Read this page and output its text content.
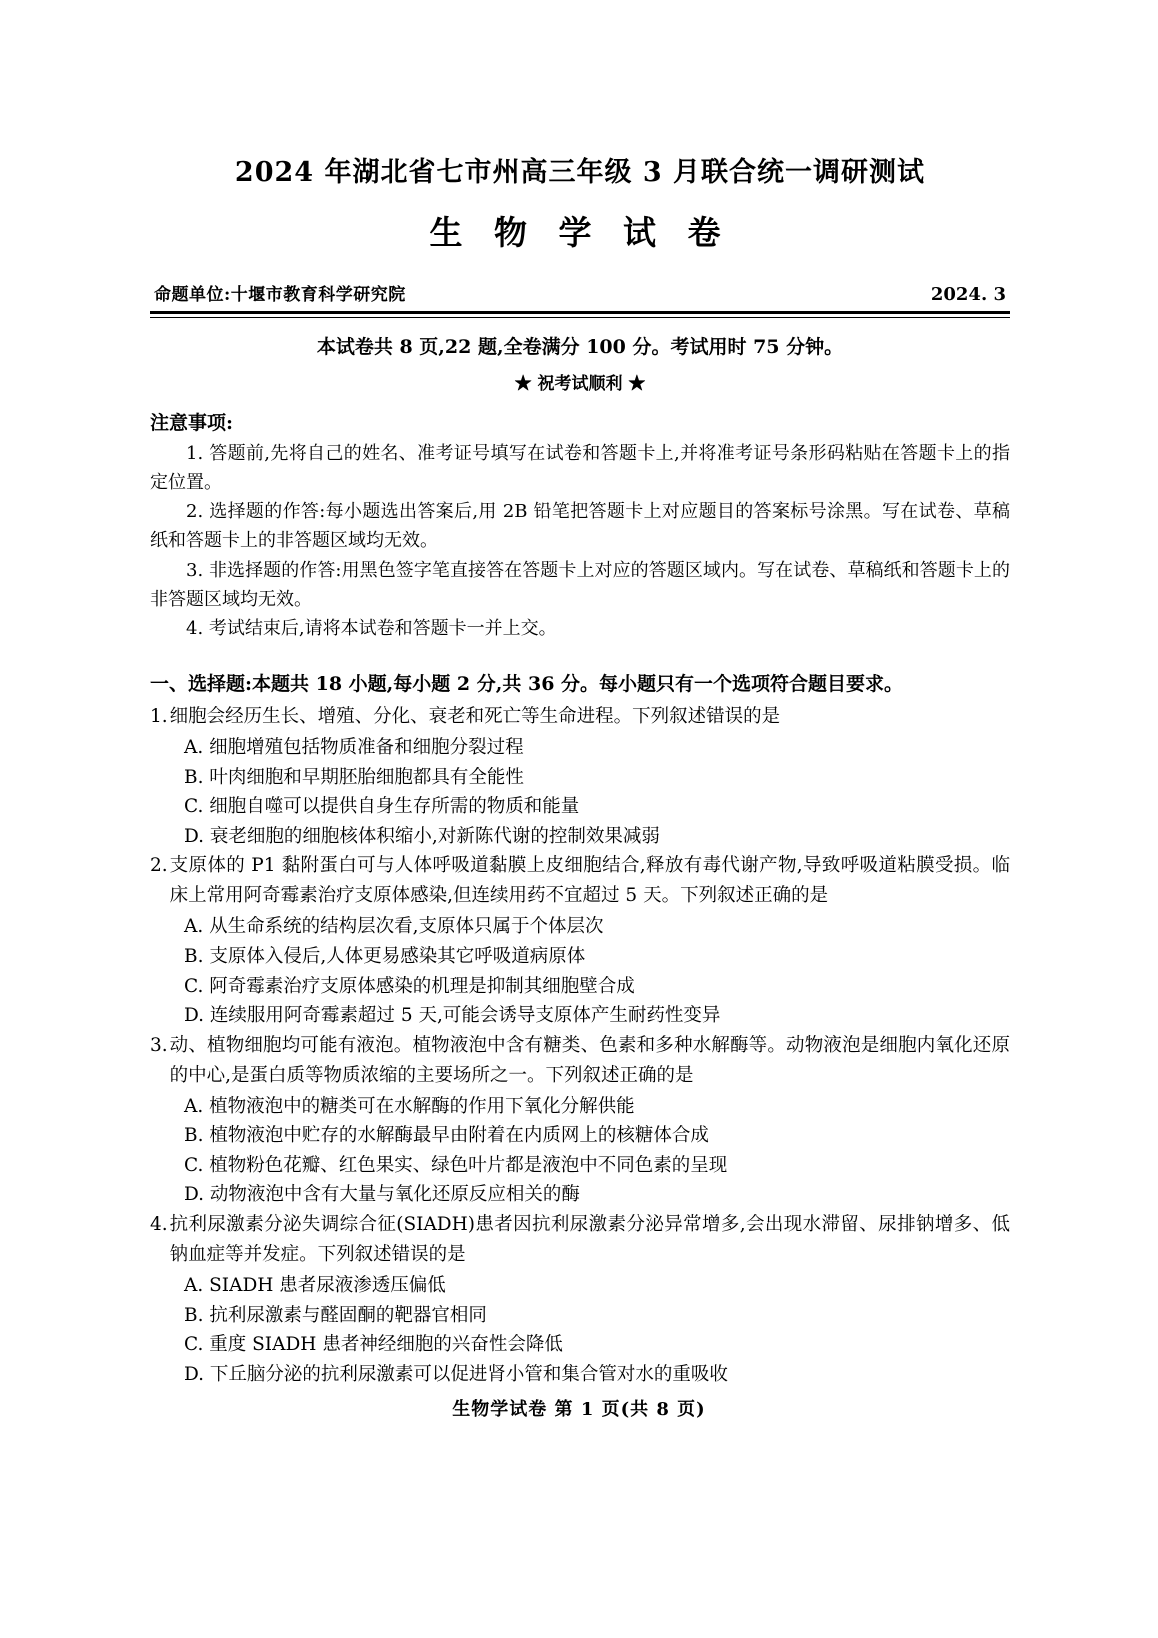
2024 年湖北省七市州高三年级 3 月联合统一调研测试
生 物 学 试 卷
命题单位:十堰市教育科学研究院	2024. 3
本试卷共 8 页,22 题,全卷满分 100 分。考试用时 75 分钟。
★ 祝考试顺利 ★
注意事项:

1. 答题前,先将自己的姓名、准考证号填写在试卷和答题卡上,并将准考证号条形码粘贴在答题卡上的指定位置。

2. 选择题的作答:每小题选出答案后,用 2B 铅笔把答题卡上对应题目的答案标号涂黑。写在试卷、草稿纸和答题卡上的非答题区域均无效。

3. 非选择题的作答:用黑色签字笔直接答在答题卡上对应的答题区域内。写在试卷、草稿纸和答题卡上的非答题区域均无效。

4. 考试结束后,请将本试卷和答题卡一并上交。

一、选择题:本题共 18 小题,每小题 2 分,共 36 分。每小题只有一个选项符合题目要求。
1. 细胞会经历生长、增殖、分化、衰老和死亡等生命进程。下列叙述错误的是

A. 细胞增殖包括物质准备和细胞分裂过程

B. 叶肉细胞和早期胚胎细胞都具有全能性

C. 细胞自噬可以提供自身生存所需的物质和能量

D. 衰老细胞的细胞核体积缩小,对新陈代谢的控制效果减弱

2. 支原体的 P1 黏附蛋白可与人体呼吸道黏膜上皮细胞结合,释放有毒代谢产物,导致呼吸道粘膜受损。临床上常用阿奇霉素治疗支原体感染,但连续用药不宜超过 5 天。下列叙述正确的是

A. 从生命系统的结构层次看,支原体只属于个体层次

B. 支原体入侵后,人体更易感染其它呼吸道病原体

C. 阿奇霉素治疗支原体感染的机理是抑制其细胞壁合成

D. 连续服用阿奇霉素超过 5 天,可能会诱导支原体产生耐药性变异

3. 动、植物细胞均可能有液泡。植物液泡中含有糖类、色素和多种水解酶等。动物液泡是细胞内氧化还原的中心,是蛋白质等物质浓缩的主要场所之一。下列叙述正确的是

A. 植物液泡中的糖类可在水解酶的作用下氧化分解供能

B. 植物液泡中贮存的水解酶最早由附着在内质网上的核糖体合成

C. 植物粉色花瓣、红色果实、绿色叶片都是液泡中不同色素的呈现

D. 动物液泡中含有大量与氧化还原反应相关的酶

4. 抗利尿激素分泌失调综合征(SIADH)患者因抗利尿激素分泌异常增多,会出现水滞留、尿排钠增多、低钠血症等并发症。下列叙述错误的是

A. SIADH 患者尿液渗透压偏低

B. 抗利尿激素与醛固酮的靶器官相同

C. 重度 SIADH 患者神经细胞的兴奋性会降低

D. 下丘脑分泌的抗利尿激素可以促进肾小管和集合管对水的重吸收

生物学试卷 第 1 页(共 8 页)
